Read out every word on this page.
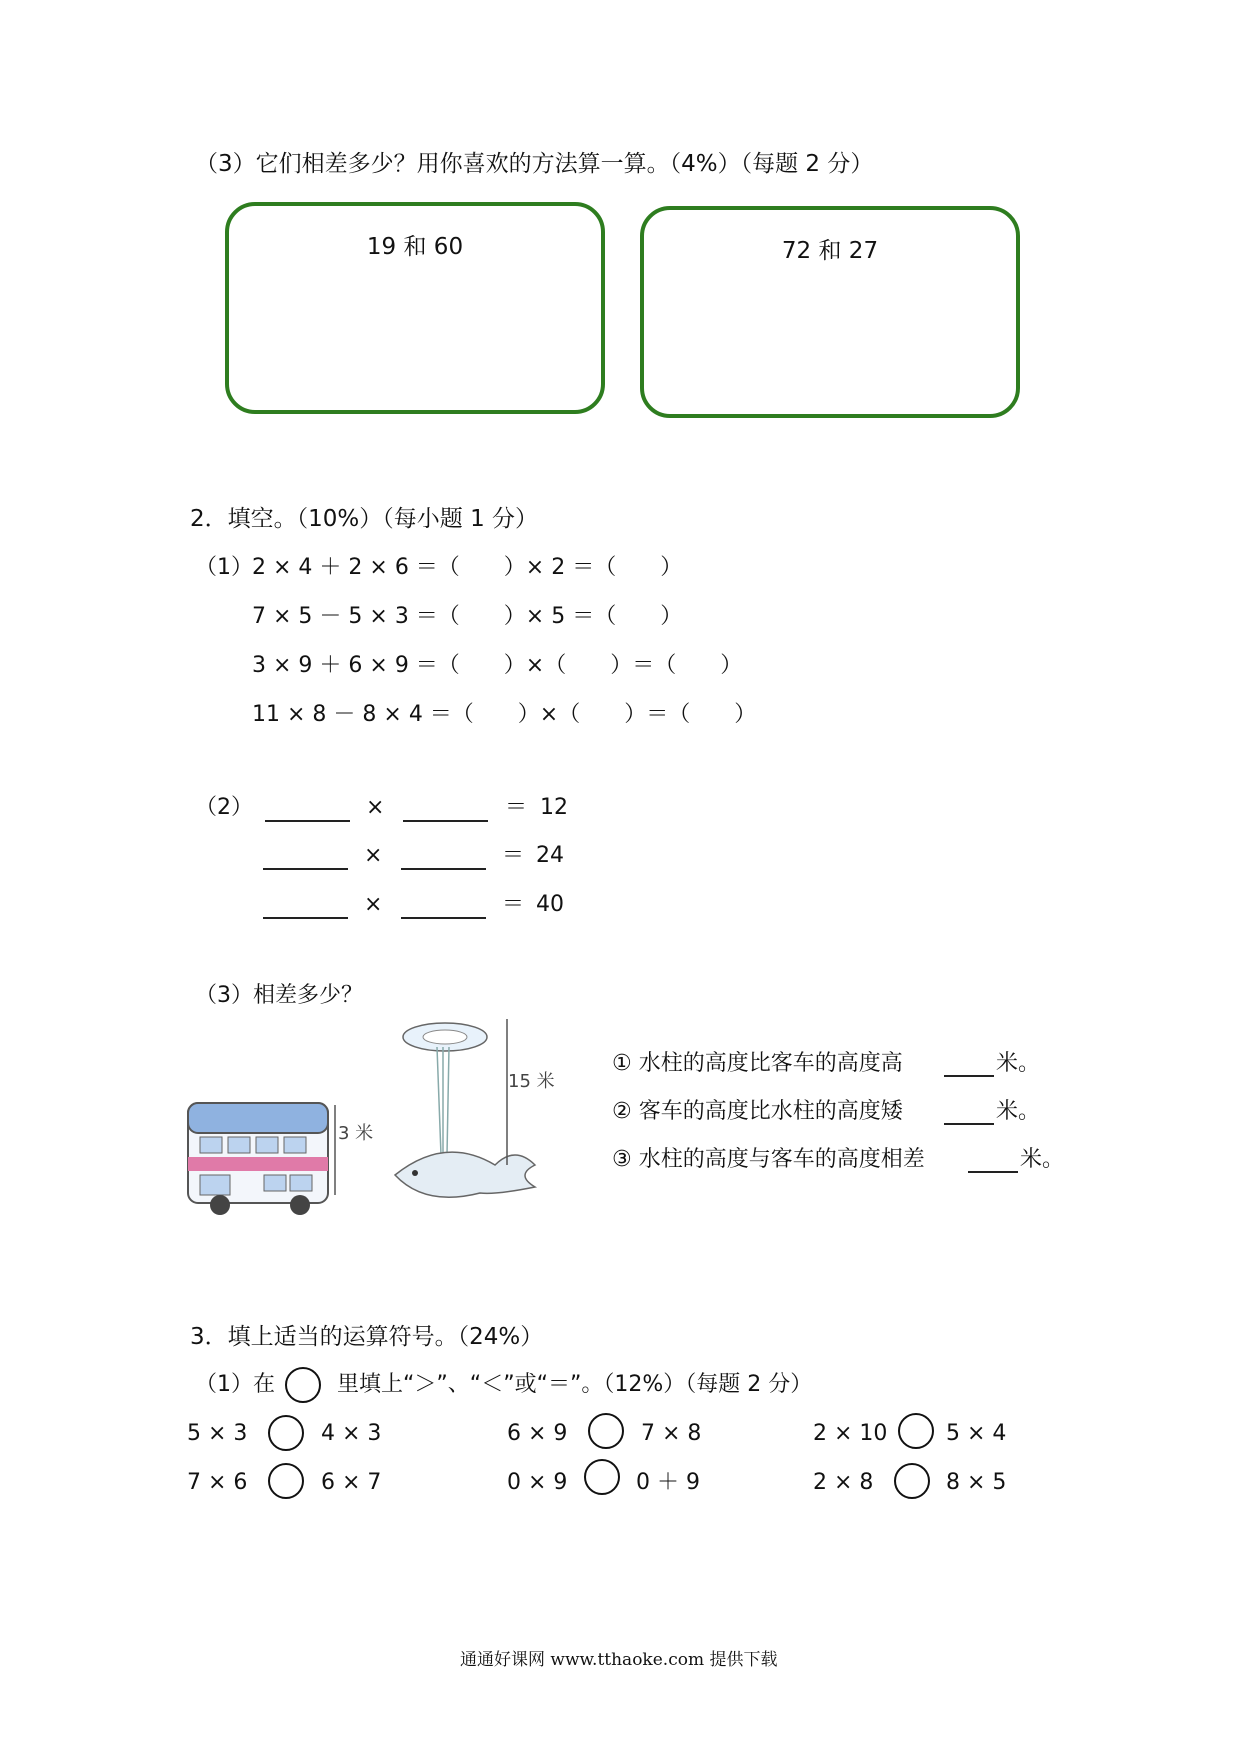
（3）它们相差多少？用你喜欢的方法算一算。（4%）（每题 2 分）
19 和 60	72 和 27
2．填空。（10%）（每小题 1 分）
（1） 2 × 4 ＋ 2 × 6 ＝（　　）× 2 ＝（　　）
7 × 5 － 5 × 3 ＝（　　）× 5 ＝（　　）
3 × 9 ＋ 6 × 9 ＝（　　）×（　　）＝（　　）
11 × 8 － 8 × 4 ＝（　　）×（　　）＝（　　）
（2）	×	＝ 12
×	＝ 24
×	＝ 40
（3）相差多少？
3 米
15 米
① 水柱的高度比客车的高度高	米。
② 客车的高度比水柱的高度矮	米。
③ 水柱的高度与客车的高度相差	米。
3．填上适当的运算符号。（24%）
（1）在	里填上“＞”、“＜”或“＝”。（12%）（每题 2 分）
5 × 3	4 × 3	6 × 9	7 × 8	2 × 10	5 × 4
7 × 6	6 × 7	0 × 9	0 ＋ 9	2 × 8	8 × 5
通通好课网 www.tthaoke.com 提供下载
